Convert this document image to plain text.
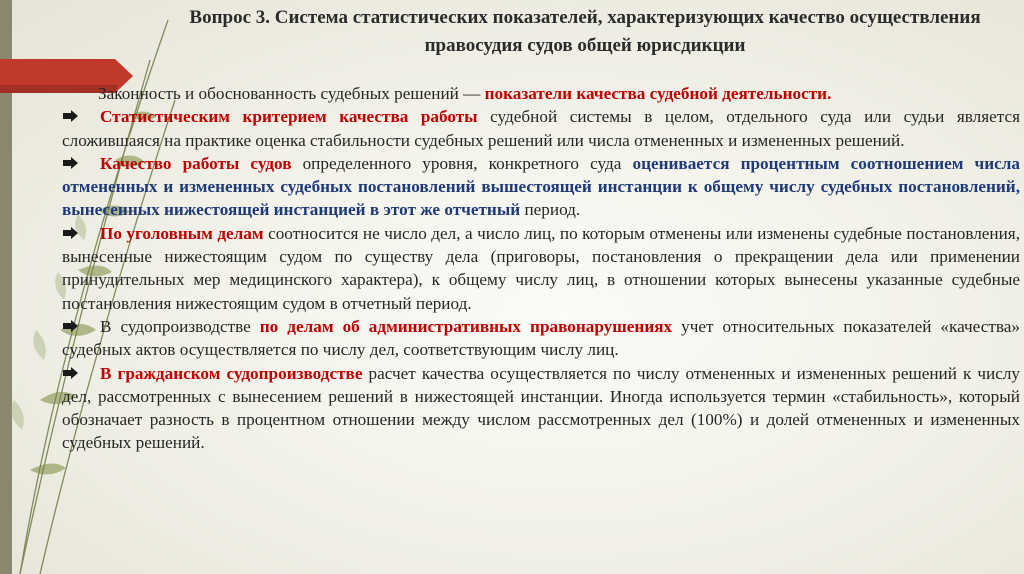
Вопрос 3. Система статистических показателей, характеризующих качество осуществления правосудия судов общей юрисдикции

Законность и обоснованность судебных решений — показатели качества судебной деятельности.

Статистическим критерием качества работы судебной системы в целом, отдельного суда или судьи является сложившаяся на практике оценка стабильности судебных решений или числа отмененных и измененных решений.

Качество работы судов определенного уровня, конкретного суда оценивается процентным соотношением числа отмененных и измененных судебных постановлений вышестоящей инстанции к общему числу судебных постановлений, вынесенных нижестоящей инстанцией в этот же отчетный период.

По уголовным делам соотносится не число дел, а число лиц, по которым отменены или изменены судебные постановления, вынесенные нижестоящим судом по существу дела (приговоры, постановления о прекращении дела или применении принудительных мер медицинского характера), к общему числу лиц, в отношении которых вынесены указанные судебные постановления нижестоящим судом в отчетный период.

В судопроизводстве по делам об административных правонарушениях учет относительных показателей «качества» судебных актов осуществляется по числу дел, соответствующим числу лиц.

В гражданском судопроизводстве расчет качества осуществляется по числу отмененных и измененных решений к числу дел, рассмотренных с вынесением решений в нижестоящей инстанции. Иногда используется термин «стабильность», который обозначает разность в процентном отношении между числом рассмотренных дел (100%) и долей отмененных и измененных судебных решений.
